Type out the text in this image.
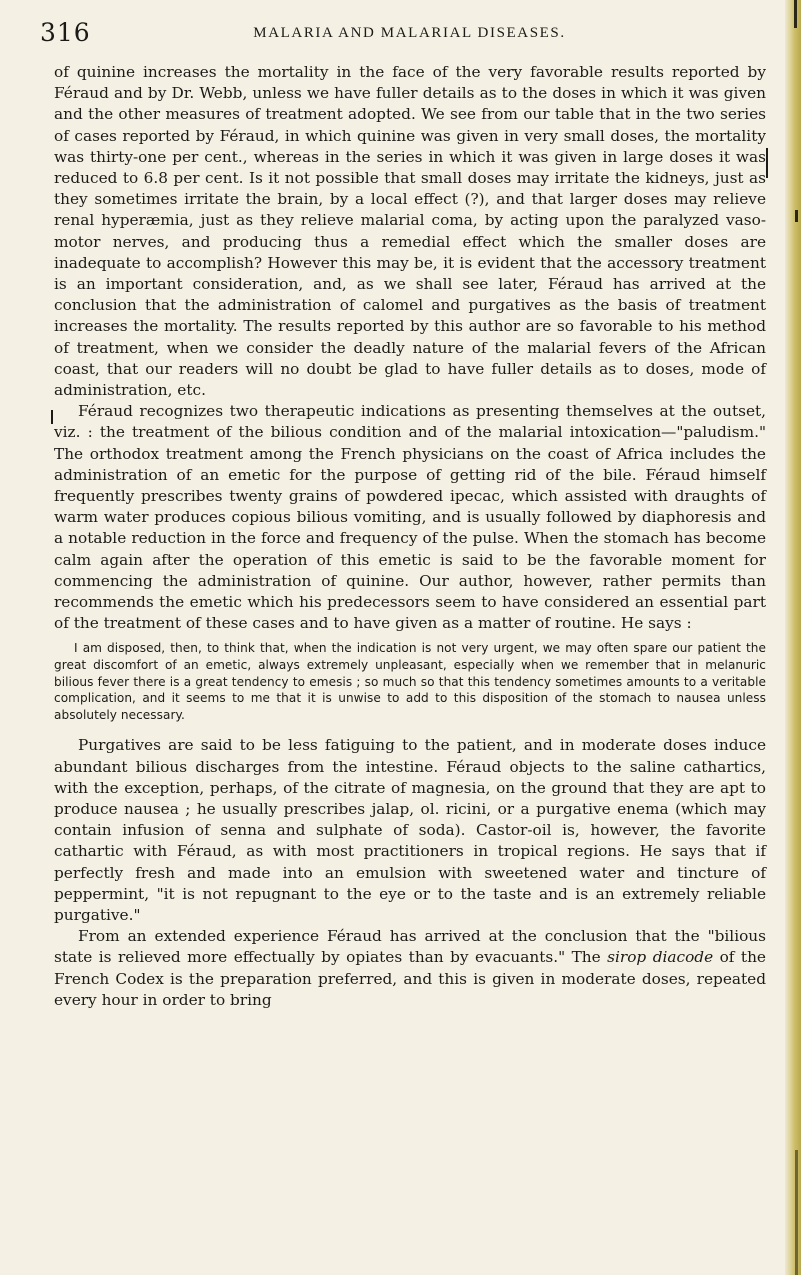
316	MALARIA AND MALARIAL DISEASES.

of quinine increases the mortality in the face of the very favorable results reported by Féraud and by Dr. Webb, unless we have fuller details as to the doses in which it was given and the other measures of treatment adopted. We see from our table that in the two series of cases reported by Féraud, in which quinine was given in very small doses, the mortality was thirty-one per cent., whereas in the series in which it was given in large doses it was reduced to 6.8 per cent. Is it not possible that small doses may irritate the kidneys, just as they sometimes irritate the brain, by a local effect (?), and that larger doses may relieve renal hyperæmia, just as they relieve malarial coma, by acting upon the paralyzed vaso-motor nerves, and producing thus a remedial effect which the smaller doses are inadequate to accomplish? However this may be, it is evident that the accessory treatment is an important consideration, and, as we shall see later, Féraud has arrived at the conclusion that the administration of calomel and purgatives as the basis of treatment increases the mortality. The results reported by this author are so favorable to his method of treatment, when we consider the deadly nature of the malarial fevers of the African coast, that our readers will no doubt be glad to have fuller details as to doses, mode of administration, etc.

Féraud recognizes two therapeutic indications as presenting themselves at the outset, viz. : the treatment of the bilious condition and of the malarial intoxication—"paludism." The orthodox treatment among the French physicians on the coast of Africa includes the administration of an emetic for the purpose of getting rid of the bile. Féraud himself frequently prescribes twenty grains of powdered ipecac, which assisted with draughts of warm water produces copious bilious vomiting, and is usually followed by diaphoresis and a notable reduction in the force and frequency of the pulse. When the stomach has become calm again after the operation of this emetic is said to be the favorable moment for commencing the administration of quinine. Our author, however, rather permits than recommends the emetic which his predecessors seem to have considered an essential part of the treatment of these cases and to have given as a matter of routine. He says :

I am disposed, then, to think that, when the indication is not very urgent, we may often spare our patient the great discomfort of an emetic, always extremely unpleasant, especially when we remember that in melanuric bilious fever there is a great tendency to emesis ; so much so that this tendency sometimes amounts to a veritable complication, and it seems to me that it is unwise to add to this disposition of the stomach to nausea unless absolutely necessary.

Purgatives are said to be less fatiguing to the patient, and in moderate doses induce abundant bilious discharges from the intestine. Féraud objects to the saline cathartics, with the exception, perhaps, of the citrate of magnesia, on the ground that they are apt to produce nausea ; he usually prescribes jalap, ol. ricini, or a purgative enema (which may contain infusion of senna and sulphate of soda). Castor-oil is, however, the favorite cathartic with Féraud, as with most practitioners in tropical regions. He says that if perfectly fresh and made into an emulsion with sweetened water and tincture of peppermint, "it is not repugnant to the eye or to the taste and is an extremely reliable purgative."

From an extended experience Féraud has arrived at the conclusion that the "bilious state is relieved more effectually by opiates than by evacuants." The sirop diacode of the French Codex is the preparation preferred, and this is given in moderate doses, repeated every hour in order to bring
